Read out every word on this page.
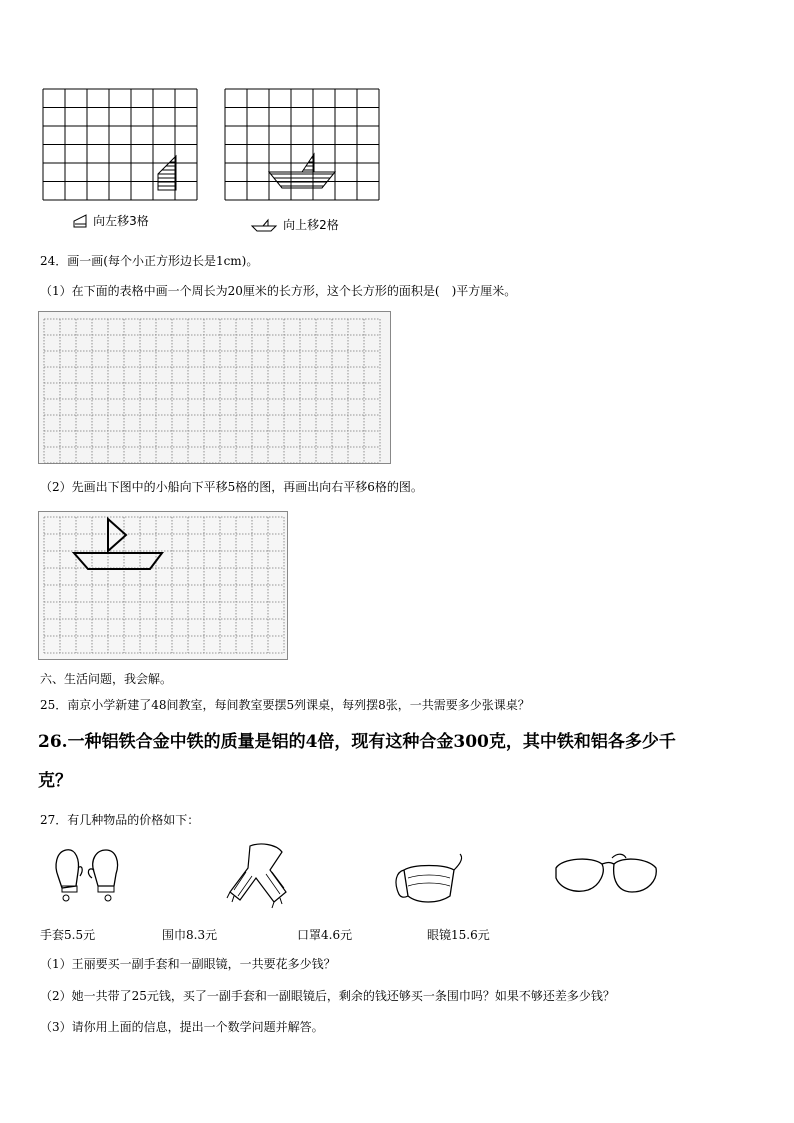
向左移3格	向上移2格
24．画一画(每个小正方形边长是1cm)。
（1）在下面的表格中画一个周长为20厘米的长方形，这个长方形的面积是(　)平方厘米。
（2）先画出下图中的小船向下平移5格的图，再画出向右平移6格的图。
六、生活问题，我会解。
25．南京小学新建了48间教室，每间教室要摆5列课桌，每列摆8张，一共需要多少张课桌？
26.一种铝铁合金中铁的质量是铝的4倍，现有这种合金300克，其中铁和铝各多少千
克？
27．有几种物品的价格如下：
手套5.5元	围巾8.3元	口罩4.6元	眼镜15.6元
（1）王丽要买一副手套和一副眼镜，一共要花多少钱？
（2）她一共带了25元钱，买了一副手套和一副眼镜后，剩余的钱还够买一条围巾吗？如果不够还差多少钱？
（3）请你用上面的信息，提出一个数学问题并解答。
